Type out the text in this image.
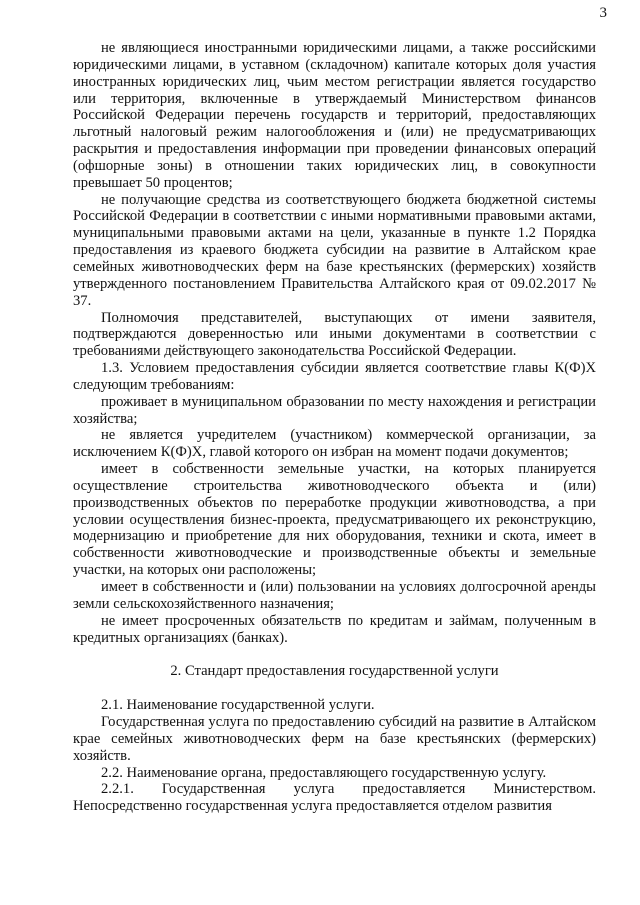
3

не являющиеся иностранными юридическими лицами, а также российскими юридическими лицами, в уставном (складочном) капитале которых доля участия иностранных юридических лиц, чьим местом регистрации является государство или территория, включенные в утверждаемый Министерством финансов Российской Федерации перечень государств и территорий, предоставляющих льготный налоговый режим налогообложения и (или) не предусматривающих раскрытия и предоставления информации при проведении финансовых операций (офшорные зоны) в отношении таких юридических лиц, в совокупности превышает 50 процентов;

не получающие средства из соответствующего бюджета бюджетной системы Российской Федерации в соответствии с иными нормативными правовыми актами, муниципальными правовыми актами на цели, указанные в пункте 1.2 Порядка предоставления из краевого бюджета субсидии на развитие в Алтайском крае семейных животноводческих ферм на базе крестьянских (фермерских) хозяйств утвержденного постановлением Правительства Алтайского края от 09.02.2017 № 37.

Полномочия представителей, выступающих от имени заявителя, подтверждаются доверенностью или иными документами в соответствии с требованиями действующего законодательства Российской Федерации.

1.3. Условием предоставления субсидии является соответствие главы К(Ф)Х следующим требованиям:

проживает в муниципальном образовании по месту нахождения и регистрации хозяйства;

не является учредителем (участником) коммерческой организации, за исключением К(Ф)Х, главой которого он избран на момент подачи документов;

имеет в собственности земельные участки, на которых планируется осуществление строительства животноводческого объекта и (или) производственных объектов по переработке продукции животноводства, а при условии осуществления бизнес-проекта, предусматривающего их реконструкцию, модернизацию и приобретение для них оборудования, техники и скота, имеет в собственности животноводческие и производственные объекты и земельные участки, на которых они расположены;

имеет в собственности и (или) пользовании на условиях долгосрочной аренды земли сельскохозяйственного назначения;

не имеет просроченных обязательств по кредитам и займам, полученным в кредитных организациях (банках).

2. Стандарт предоставления государственной услуги

2.1. Наименование государственной услуги.

Государственная услуга по предоставлению субсидий на развитие в Алтайском крае семейных животноводческих ферм на базе крестьянских (фермерских) хозяйств.

2.2. Наименование органа, предоставляющего государственную услугу.

2.2.1. Государственная услуга предоставляется Министерством. Непосредственно государственная услуга предоставляется отделом развития
